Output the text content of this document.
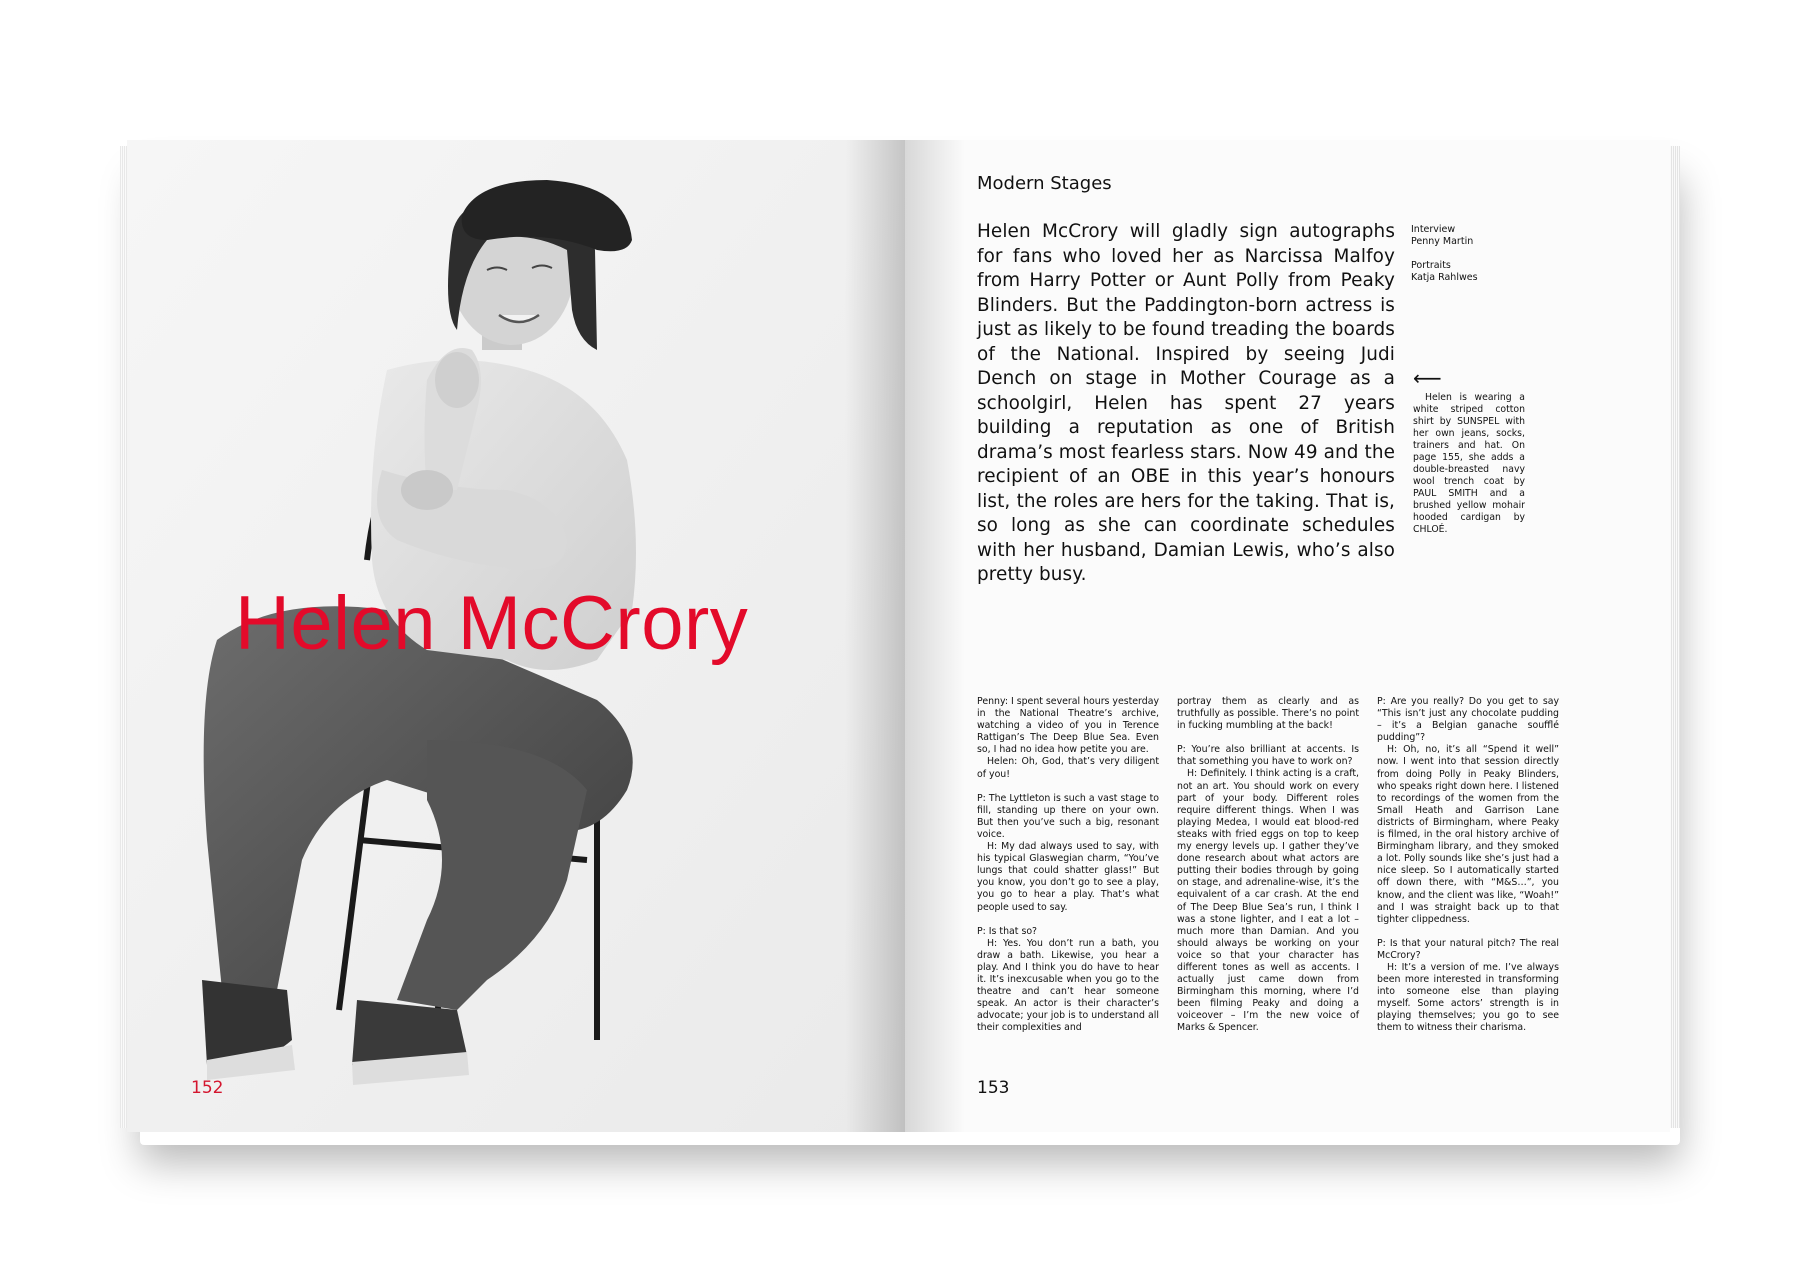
Helen McCrory
152
Modern Stages
Helen McCrory will gladly sign autographs for fans who loved her as Narcissa Malfoy from Harry Potter or Aunt Polly from Peaky Blinders. But the Paddington-born actress is just as likely to be found treading the boards of the National. Inspired by seeing Judi Dench on stage in Mother Courage as a schoolgirl, Helen has spent 27 years building a reputation as one of British drama’s most fearless stars. Now 49 and the recipient of an OBE in this year’s honours list, the roles are hers for the taking. That is, so long as she can coordinate schedules with her husband, Damian Lewis, who’s also pretty busy.
Interview
Penny Martin
Portraits
Katja Rahlwes
⟵
Helen is wearing a white striped cotton shirt by SUNSPEL with her own jeans, socks, trainers and hat. On page 155, she adds a double-breasted navy wool trench coat by PAUL SMITH and a brushed yellow mohair hooded cardigan by CHLOÉ.

Penny: I spent several hours yesterday in the National Theatre’s archive, watching a video of you in Terence Rattigan’s The Deep Blue Sea. Even so, I had no idea how petite you are.

Helen: Oh, God, that’s very diligent of you!

P: The Lyttleton is such a vast stage to fill, standing up there on your own. But then you’ve such a big, resonant voice.

H: My dad always used to say, with his typical Glaswegian charm, “You’ve lungs that could shatter glass!” But you know, you don’t go to see a play, you go to hear a play. That’s what people used to say.

P: Is that so?

H: Yes. You don’t run a bath, you draw a bath. Likewise, you hear a play. And I think you do have to hear it. It’s inexcusable when you go to the theatre and can’t hear someone speak. An actor is their character’s advocate; your job is to understand all their complexities and

portray them as clearly and as truthfully as possible. There’s no point in fucking mumbling at the back!

P: You’re also brilliant at accents. Is that something you have to work on?

H: Definitely. I think acting is a craft, not an art. You should work on every part of your body. Different roles require different things. When I was playing Medea, I would eat blood-red steaks with fried eggs on top to keep my energy levels up. I gather they’ve done research about what actors are putting their bodies through by going on stage, and adrenaline-wise, it’s the equivalent of a car crash. At the end of The Deep Blue Sea’s run, I think I was a stone lighter, and I eat a lot – much more than Damian. And you should always be working on your voice so that your character has different tones as well as accents. I actually just came down from Birmingham this morning, where I’d been filming Peaky and doing a voiceover – I’m the new voice of Marks & Spencer.

P: Are you really? Do you get to say “This isn’t just any chocolate pudding – it’s a Belgian ganache soufflé pudding”?

H: Oh, no, it’s all “Spend it well” now. I went into that session directly from doing Polly in Peaky Blinders, who speaks right down here. I listened to recordings of the women from the Small Heath and Garrison Lane districts of Birmingham, where Peaky is filmed, in the oral history archive of Birmingham library, and they smoked a lot. Polly sounds like she’s just had a nice sleep. So I automatically started off down there, with “M&S…”, you know, and the client was like, “Woah!” and I was straight back up to that tighter clippedness.

P: Is that your natural pitch? The real McCrory?

H: It’s a version of me. I’ve always been more interested in transforming into someone else than playing myself. Some actors’ strength is in playing themselves; you go to see them to witness their charisma.

153
